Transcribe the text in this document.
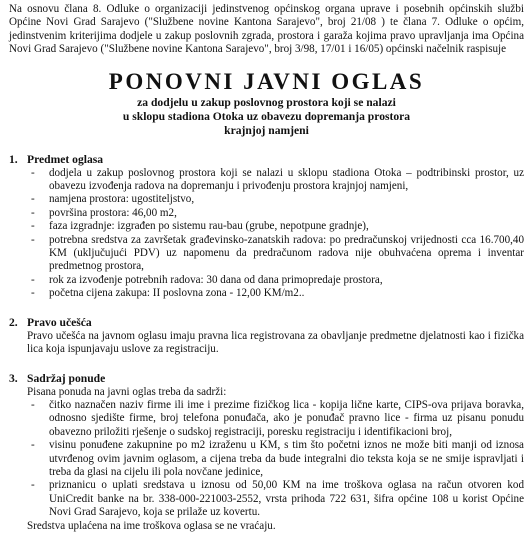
Na osnovu člana 8. Odluke o organizaciji jedinstvenog općinskog organa uprave i posebnih općinskih službi Općine Novi Grad Sarajevo ("Službene novine Kantona Sarajevo", broj 21/08 ) te člana 7. Odluke o općim, jedinstvenim kriterijima dodjele u zakup poslovnih zgrada, prostora i garaža kojima pravo upravljanja ima Općina Novi Grad Sarajevo ("Službene novine Kantona Sarajevo", broj 3/98, 17/01 i 16/05) općinski načelnik raspisuje

PONOVNI JAVNI OGLAS
za dodjelu u zakup poslovnog prostora koji se nalazi
u sklopu stadiona Otoka uz obavezu dopremanja prostora
krajnjoj namjeni
1. Predmet oglasa
- dodjela u zakup poslovnog prostora koji se nalazi u sklopu stadiona Otoka – podtribinski prostor, uz obavezu izvođenja radova na dopremanju i privođenju prostora krajnjoj namjeni,
- namjena prostora: ugostiteljstvo,
- površina prostora: 46,00 m2,
- faza izgradnje: izgrađen po sistemu rau-bau (grube, nepotpune gradnje),
- potrebna sredstva za završetak građevinsko-zanatskih radova: po predračunskoj vrijednosti cca 16.700,40 KM (uključujući PDV) uz napomenu da predračunom radova nije obuhvaćena oprema i inventar predmetnog prostora,
- rok za izvođenje potrebnih radova: 30 dana od dana primopredaje prostora,
- početna cijena zakupa: II poslovna zona - 12,00 KM/m2..
2. Pravo učešća
Pravo učešća na javnom oglasu imaju pravna lica registrovana za obavljanje predmetne djelatnosti kao i fizička lica koja ispunjavaju uslove za registraciju.
3. Sadržaj ponude
Pisana ponuda na javni oglas treba da sadrži:
- čitko naznačen naziv firme ili ime i prezime fizičkog lica - kopija lične karte, CIPS-ova prijava boravka, odnosno sjedište firme, broj telefona ponuđača, ako je ponuđač pravno lice - firma uz pisanu ponudu obavezno priložiti rješenje o sudskoj registraciji, poresku registraciju i identifikacioni broj,
- visinu ponuđene zakupnine po m2 izraženu u KM, s tim što početni iznos ne može biti manji od iznosa utvrđenog ovim javnim oglasom, a cijena treba da bude integralni dio teksta koja se ne smije ispravljati i treba da glasi na cijelu ili pola novčane jedinice,
- priznanicu o uplati sredstava u iznosu od 50,00 KM na ime troškova oglasa na račun otvoren kod UniCredit banke na br. 338-000-221003-2552, vrsta prihoda 722 631, šifra općine 108 u korist Općine Novi Grad Sarajevo, koja se prilaže uz kovertu.
Sredstva uplaćena na ime troškova oglasa se ne vraćaju.
